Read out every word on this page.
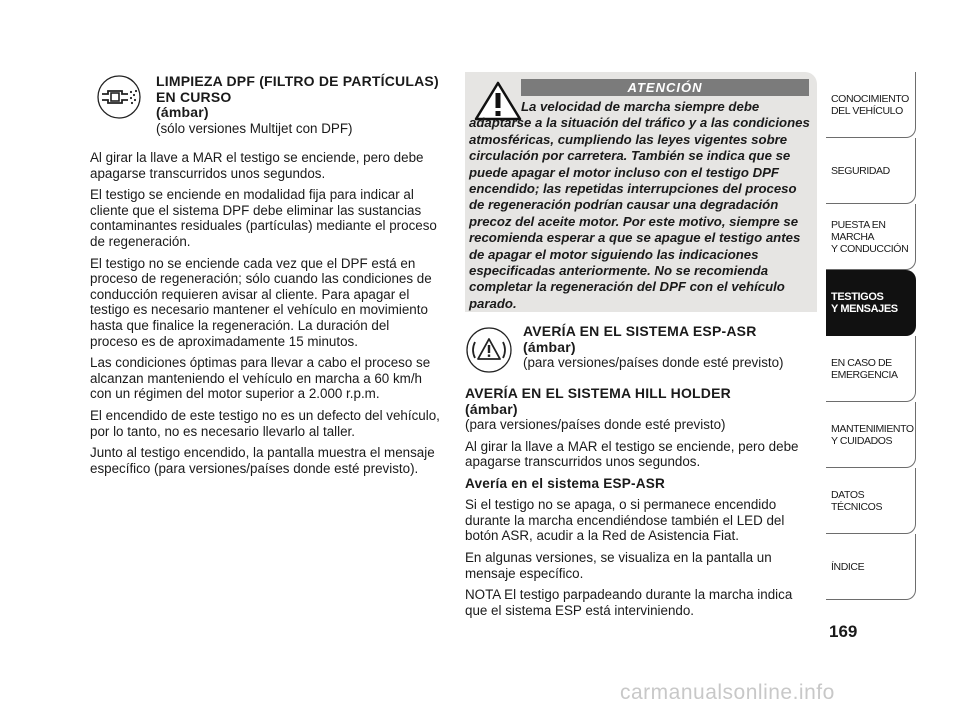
LIMPIEZA DPF (FILTRO DE PARTÍCULAS) EN CURSO
(ámbar)
(sólo versiones Multijet con DPF)

Al girar la llave a MAR el testigo se enciende, pero debe apagarse transcurridos unos segundos.

El testigo se enciende en modalidad fija para indicar al cliente que el sistema DPF debe eliminar las sustancias contaminantes residuales (partículas) mediante el proceso de regeneración.

El testigo no se enciende cada vez que el DPF está en proceso de regeneración; sólo cuando las condiciones de conducción requieren avisar al cliente. Para apagar el testigo es necesario mantener el vehículo en movimiento hasta que finalice la regeneración. La duración del proceso es de aproximadamente 15 minutos.

Las condiciones óptimas para llevar a cabo el proceso se alcanzan manteniendo el vehículo en marcha a 60 km/h con un régimen del motor superior a 2.000 r.p.m.

El encendido de este testigo no es un defecto del vehículo, por lo tanto, no es necesario llevarlo al taller.

Junto al testigo encendido, la pantalla muestra el mensaje específico (para versiones/países donde esté previsto).

ATENCIÓN
La velocidad de marcha siempre debe
adaptarse a la situación del tráfico y a las condiciones atmosféricas, cumpliendo las leyes vigentes sobre circulación por carretera. También se indica que se puede apagar el motor incluso con el testigo DPF encendido; las repetidas interrupciones del proceso de regeneración podrían causar una degradación precoz del aceite motor. Por este motivo, siempre se recomienda esperar a que se apague el testigo antes de apagar el motor siguiendo las indicaciones especificadas anteriormente. No se recomienda completar la regeneración del DPF con el vehículo parado.
AVERÍA EN EL SISTEMA ESP-ASR
(ámbar)
(para versiones/países donde esté previsto)
AVERÍA EN EL SISTEMA HILL HOLDER
(ámbar)

(para versiones/países donde esté previsto)

Al girar la llave a MAR el testigo se enciende, pero debe apagarse transcurridos unos segundos.

Avería en el sistema ESP-ASR

Si el testigo no se apaga, o si permanece encendido durante la marcha encendiéndose también el LED del botón ASR, acudir a la Red de Asistencia Fiat.

En algunas versiones, se visualiza en la pantalla un mensaje específico.

NOTA El testigo parpadeando durante la marcha indica que el sistema ESP está interviniendo.

CONOCIMIENTO
DEL VEHÍCULO
SEGURIDAD
PUESTA EN
MARCHA
Y CONDUCCIÓN
TESTIGOS
Y MENSAJES
EN CASO DE
EMERGENCIA
MANTENIMIENTO
Y CUIDADOS
DATOS
TÉCNICOS
ÍNDICE
169
carmanualsonline.info
